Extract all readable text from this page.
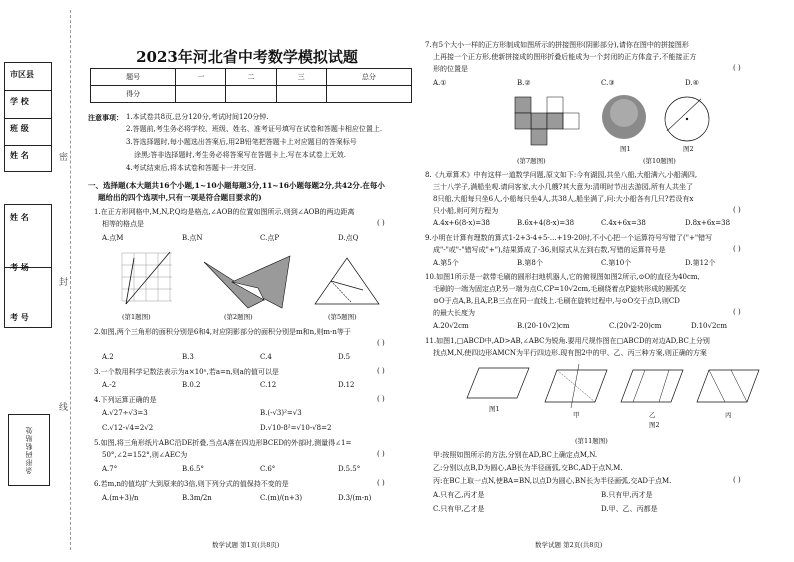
市区县
学 校
班 级
姓 名
姓 名
考 场
考 号
密
封
线
条形码粘贴处
2023年河北省中考数学模拟试题
题号	一	二	三	总分
得分				
注意事项： 1.本试卷共8页,总分120分,考试时间120分钟.
2.答题前,考生务必将学校、班级、姓名、准考证号填写在试卷和答题卡相应位置上.
3.答选择题时,每小题选出答案后,用2B铅笔把答题卡上对应题目的答案标号
涂黑;答非选择题时,考生务必将答案写在答题卡上.写在本试卷上无效.
4.考试结束后,将本试卷和答题卡一并交回.
一、选择题(本大题共16个小题,1~10小题每题3分,11~16小题每题2分,共42分.在每小
题给出的四个选项中,只有一项是符合题目要求的)
1.在正方形网格中,M,N,P,Q均是格点,∠AOB的位置如图所示,则到∠AOB的两边距离
相等的格点是	( )
A.点M	B.点N	C.点P	D.点Q
(第1题图)	(第2题图)	(第5题图)
2.如图,两个三角形的面积分别是6和4,对应阴影部分的面积分别是m和n,则m-n等于
( )
A.2	B.3	C.4	D.5
3.一个数用科学记数法表示为a×10ⁿ,若a=n,则a的值可以是	( )
A.-2	B.0.2	C.12	D.12
4.下列运算正确的是	( )
A.√27÷√3=3	B.(-√3)²=√3
C.√12-√4=2√2	D.√10-8²=√10-√8=2
5.如图,将三角形纸片ABC沿DE折叠,当点A落在四边形BCED的外部时,测量得∠1=
50°,∠2=152°,则∠AEC为	( )
A.7°	B.6.5°	C.6°	D.5.5°
6.若m,n的值均扩大到原来的3倍,则下列分式的值保持不变的是	( )
A.(m+3)/n	B.3m/2n	C.(m)/(n+3)	D.3/(m-n)
数学试题 第1页(共8页)
7.有5个大小一样的正方形制成如图所示的拼接图形(阴影部分),请你在图中的拼接图形
上再接一个正方形,使新拼接成的图形折叠后能成为一个封闭的正方体盒子,不能接正方
形的位置是	( )
A.①	B.②	C.③	D.④
(第7题图)
图1	图2
(第10题图)
8.《九章算术》中有这样一道数学问题,原文如下:今有湖园,共坐八船,大船满六,小船满四,
三十八学子,满船坐观.请问客家,大小几艘?其大意为:清明时节出去游园,所有人共坐了
8只船,大船每只坐6人,小船每只坐4人,共38人,船坐满了,问:大小船各有几只?若设有x
只小船,则可列方程为	( )
A.4x+6(8-x)=38	B.6x+4(8-x)=38	C.4x+6x=38	D.8x+6x=38
9.小明在计算有理数的算式1-2+3-4+5-…+19-20时,不小心把一个运算符号写错了("+"错写
成"-"或"-"错写成"+"),结果算成了-36,则原式从左到右数,写错的运算符号是	( )
A.第5个	B.第8个	C.第10个	D.第12个
10.如图1所示是一款带毛刷的圆形扫地机器人,它的俯视图如图2所示,⊙O的直径为40cm,
毛刷的一端为固定点P,另一端为点C,CP=10√2cm,毛刷绕着点P旋转形成的圆弧交
⊙O于点A,B,且A,P,B三点在同一直线上.毛刷在旋转过程中,与⊙O交于点D,则CD
的最大长度为	( )
A.20√2cm	B.(20-10√2)cm	C.(20√2-20)cm	D.10√2cm
11.如图1,□ABCD中,AD>AB,∠ABC为锐角.要用尺规作图在□ABCD的对边AD,BC上分别
找点M,N,使四边形AMCN为平行四边形.现有图2中的甲、乙、丙三种方案,则正确的方案
图1
甲	乙	丙
图2
(第11题图)
甲:按照如图所示的方法,分别在AD,BC上确定点M,N.
乙:分别以点B,D为圆心,AB长为半径画弧,交BC,AD于点N,M.
丙:在BC上取一点N,使BA=BN,以点D为圆心,BN长为半径画弧,交AD于点M.	( )
A.只有乙,丙才是	B.只有甲,丙才是
C.只有甲,乙才是	D.甲、乙、丙都是
数学试题 第2页(共8页)
